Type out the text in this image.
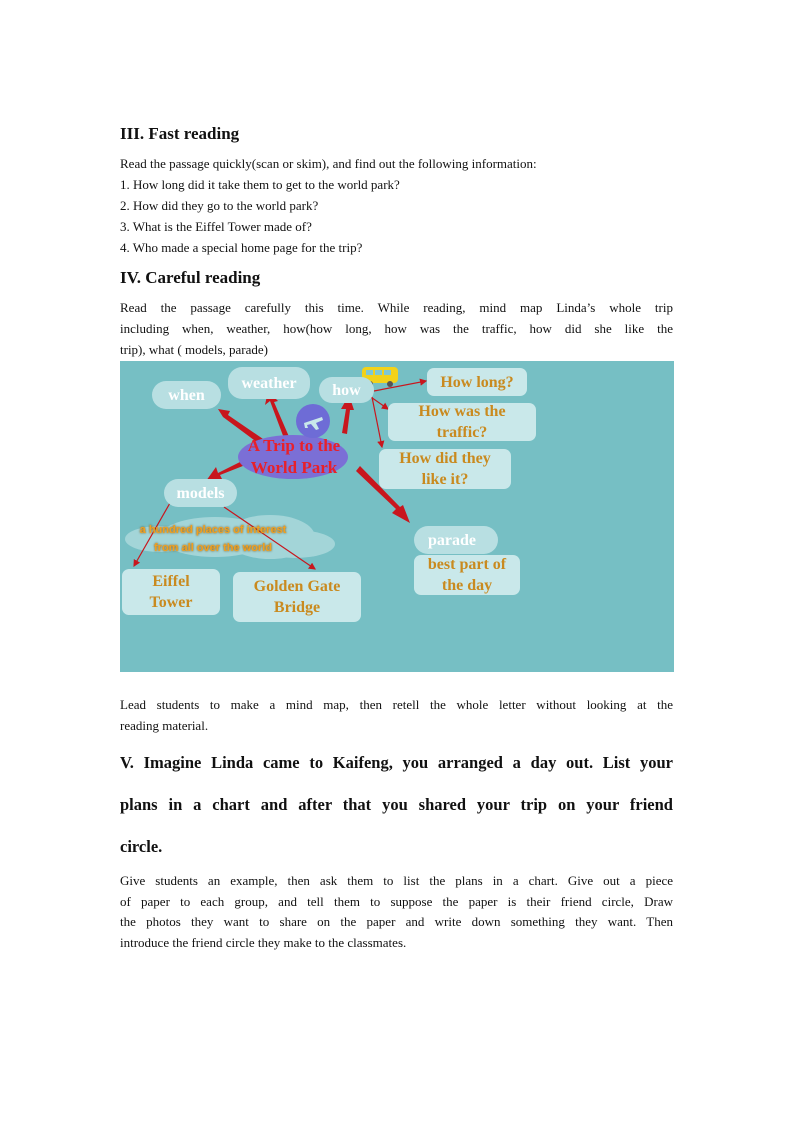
III. Fast reading
Read the passage quickly(scan or skim), and find out the following information:
1. How long did it take them to get to the world park?
2. How did they go to the world park?
3. What is the Eiffel Tower made of?
4. Who made a special home page for the trip?
IV. Careful reading
Read the passage carefully this time. While reading, mind map Linda’s whole trip
including when, weather, how(how long, how was the traffic, how did she like the
trip), what ( models, parade)
when
weather	how	How long?
How was the
traffic?
How did they
like it?
A Trip to the
World Park
models
a hundred places of interest
from all over the world
Eiffel
Tower
Golden Gate
Bridge
parade
best part of
the day
Lead students to make a mind map, then retell the whole letter without looking at the
reading material.
V. Imagine Linda came to Kaifeng, you arranged a day out. List your
plans in a chart and after that you shared your trip on your friend
circle.
Give students an example, then ask them to list the plans in a chart. Give out a piece
of paper to each group, and tell them to suppose the paper is their friend circle, Draw
the photos they want to share on the paper and write down something they want. Then
introduce the friend circle they make to the classmates.
